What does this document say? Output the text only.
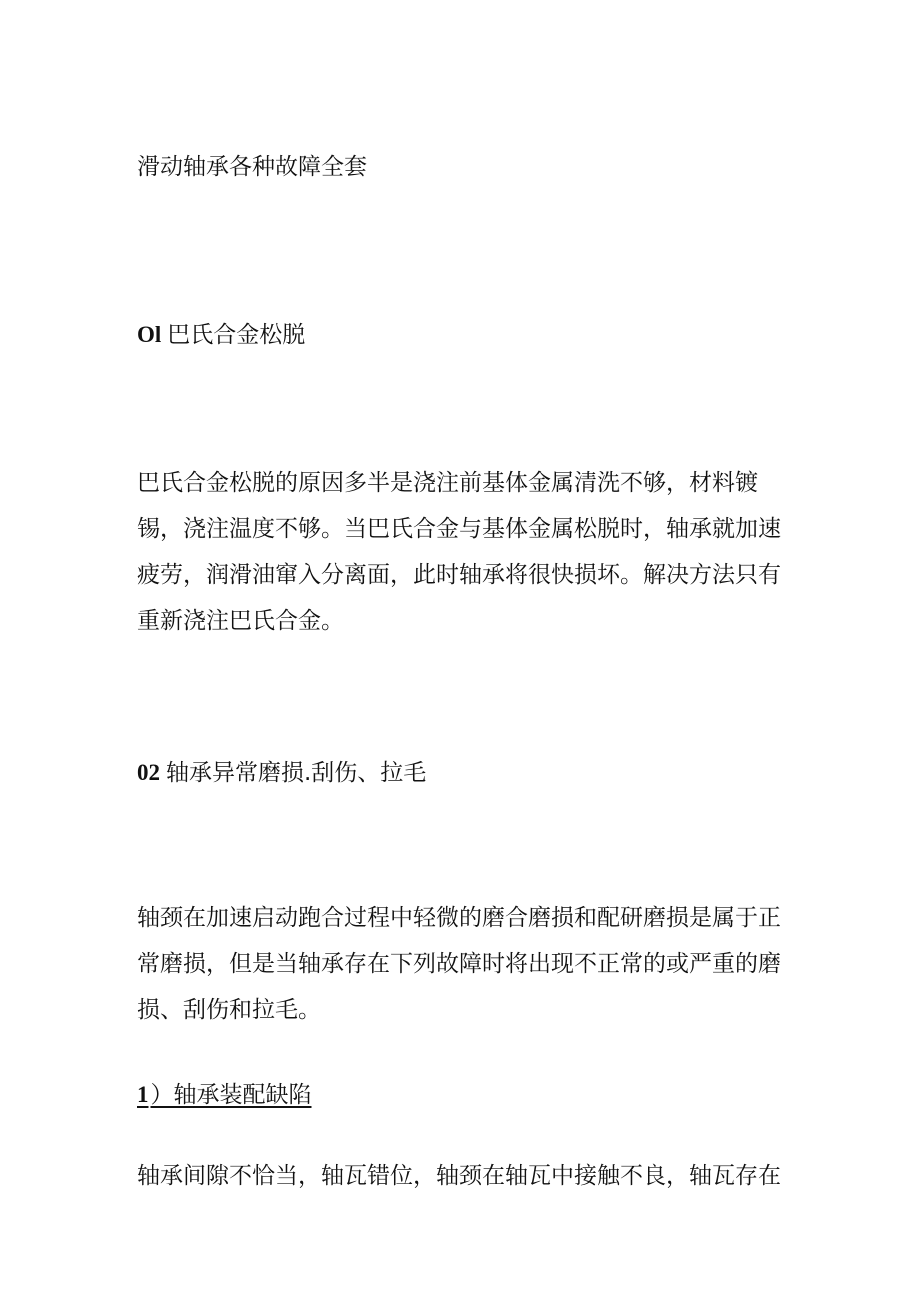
滑动轴承各种故障全套
Ol 巴氏合金松脱
巴氏合金松脱的原因多半是浇注前基体金属清洗不够，材料镀锡，浇注温度不够。当巴氏合金与基体金属松脱时，轴承就加速疲劳，润滑油窜入分离面，此时轴承将很快损坏。解决方法只有重新浇注巴氏合金。
02 轴承异常磨损.刮伤、拉毛
轴颈在加速启动跑合过程中轻微的磨合磨损和配研磨损是属于正常磨损，但是当轴承存在下列故障时将出现不正常的或严重的磨损、刮伤和拉毛。
1）轴承装配缺陷
轴承间隙不恰当，轴瓦错位，轴颈在轴瓦中接触不良，轴瓦存在
